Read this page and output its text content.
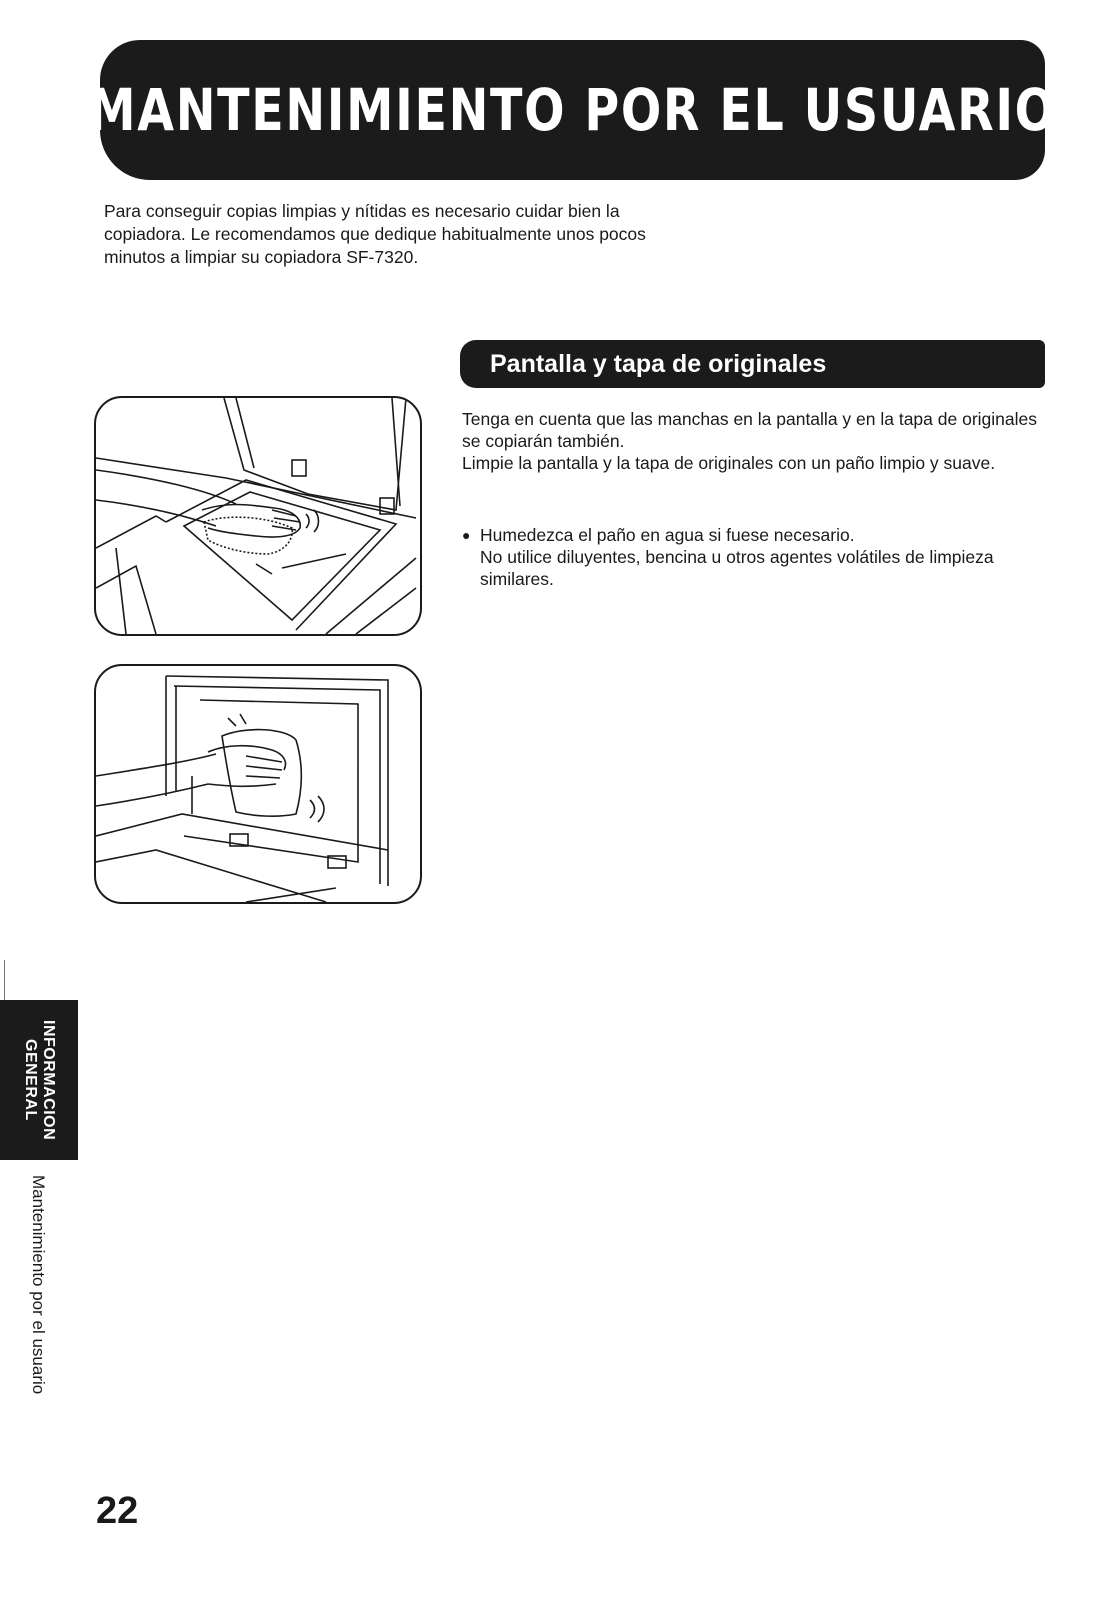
MANTENIMIENTO POR EL USUARIO

Para conseguir copias limpias y nítidas es necesario cuidar bien la copiadora. Le recomendamos que dedique habitualmente unos pocos minutos a limpiar su copiadora SF-7320.

Pantalla y tapa de originales
Tenga en cuenta que las manchas en la pantalla y en la tapa de originales se copiarán también.
Limpie la pantalla y la tapa de originales con un paño limpio y suave.
● Humedezca el paño en agua si fuese necesario.
No utilice diluyentes, bencina u otros agentes volátiles de limpieza similares.
INFORMACION
GENERAL
Mantenimiento por el usuario
22
